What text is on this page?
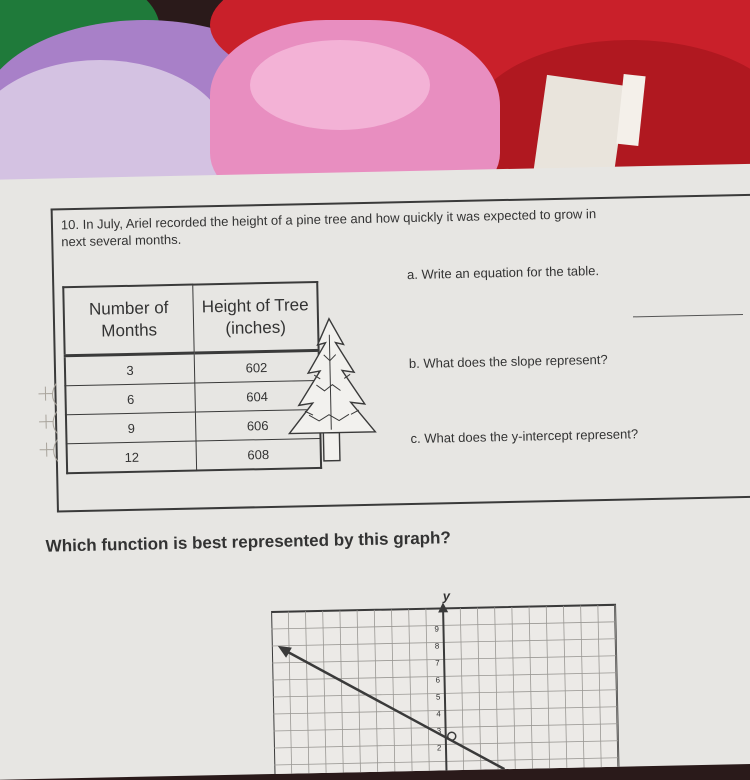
10. In July, Ariel recorded the height of a pine tree and how quickly it was expected to grow in
next several months.
Number of Months	Height of Tree (inches)
3	602
6	604
9	606
12	608
a. Write an equation for the table.
b. What does the slope represent?
c. What does the y-intercept represent?
Which function is best represented by this graph?
y
9
8
7
6
5
4
3
2
